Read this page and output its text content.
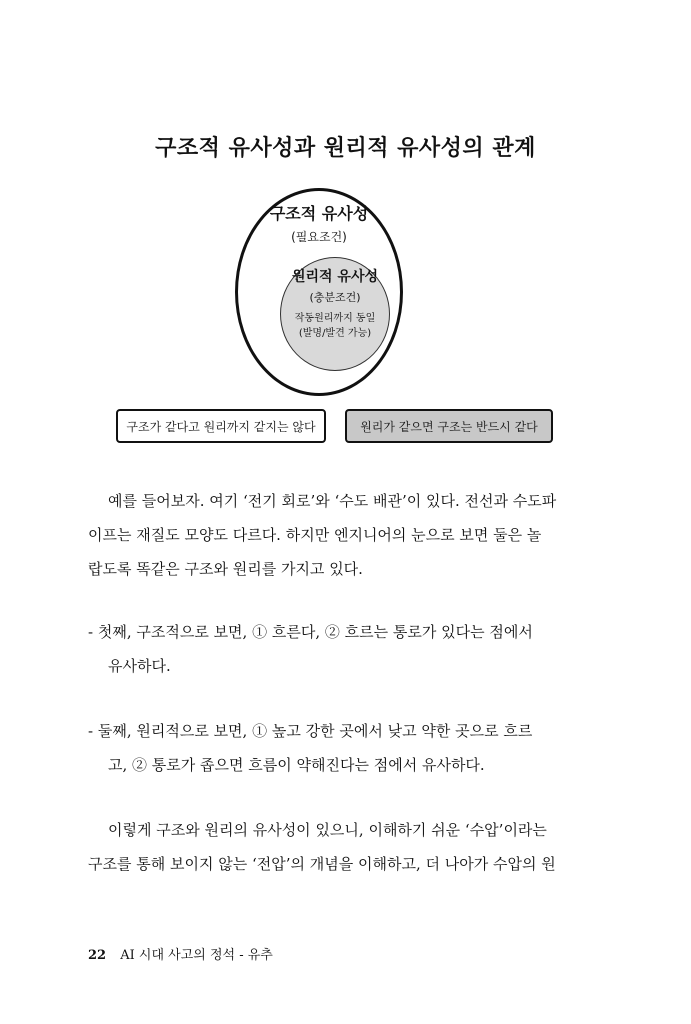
구조적 유사성과 원리적 유사성의 관계
구조적 유사성
(필요조건)
원리적 유사성
(충분조건)
작동원리까지 동일
(발명/발견 가능)
구조가 같다고 원리까지 같지는 않다	원리가 같으면 구조는 반드시 같다
예를 들어보자. 여기 ‘전기 회로’와 ‘수도 배관’이 있다. 전선과 수도파
이프는 재질도 모양도 다르다. 하지만 엔지니어의 눈으로 보면 둘은 놀
랍도록 똑같은 구조와 원리를 가지고 있다.
- 첫째, 구조적으로 보면, ① 흐른다, ② 흐르는 통로가 있다는 점에서
유사하다.
- 둘째, 원리적으로 보면, ① 높고 강한 곳에서 낮고 약한 곳으로 흐르
고, ② 통로가 좁으면 흐름이 약해진다는 점에서 유사하다.
이렇게 구조와 원리의 유사성이 있으니, 이해하기 쉬운 ‘수압’이라는
구조를 통해 보이지 않는 ‘전압’의 개념을 이해하고, 더 나아가 수압의 원
22 AI 시대 사고의 정석 - 유추
